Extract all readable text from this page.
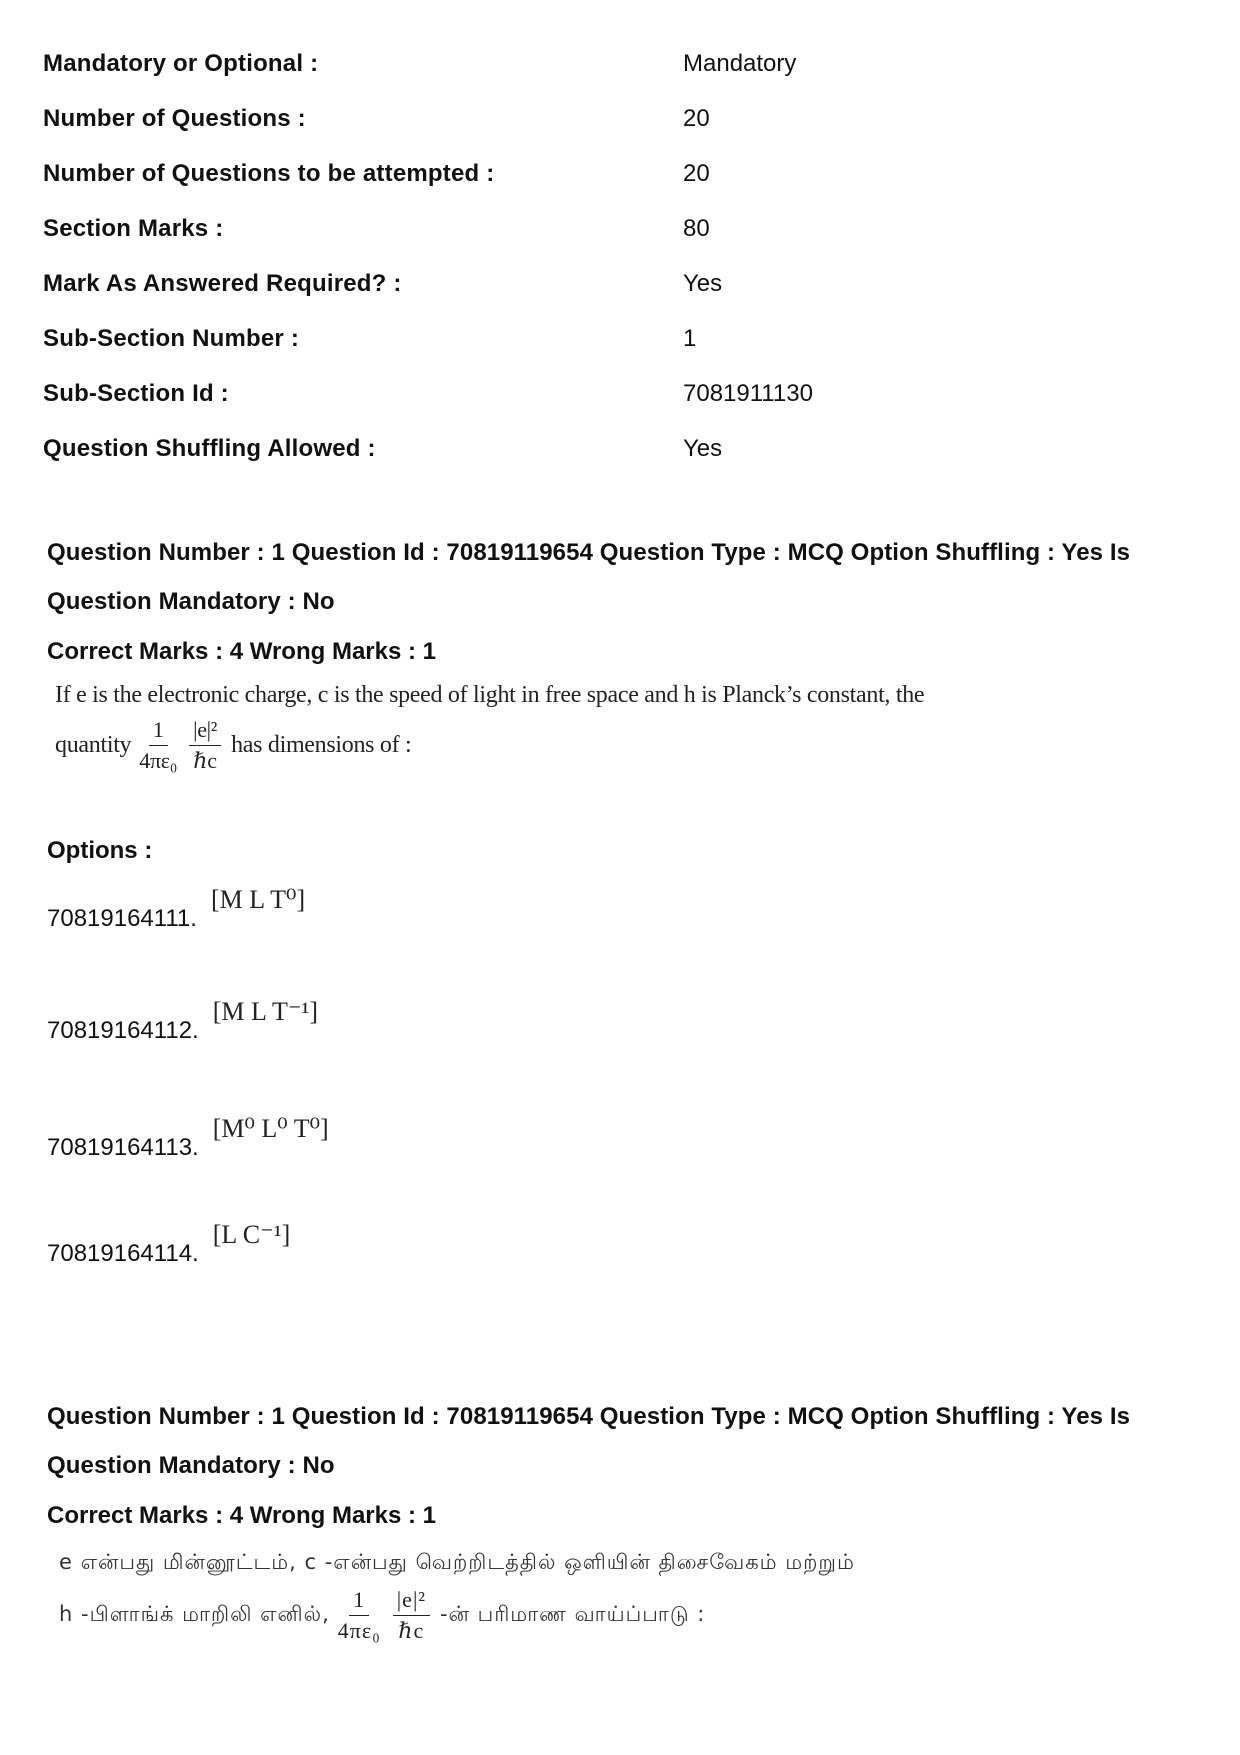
Mandatory or Optional :	Mandatory
Number of Questions :	20
Number of Questions to be attempted :	20
Section Marks :	80
Mark As Answered Required? :	Yes
Sub-Section Number :	1
Sub-Section Id :	7081911130
Question Shuffling Allowed :	Yes
Question Number : 1 Question Id : 70819119654 Question Type : MCQ Option Shuffling : Yes Is
Question Mandatory : No
Correct Marks : 4 Wrong Marks : 1
If e is the electronic charge, c is the speed of light in free space and h is Planck’s constant, the
quantity $\frac{1}{\text{4πε₀}} \frac{\text{|e|²}}{\text{ℏc}}$ has dimensions of :
Options :
70819164111.
[M L T⁰]
70819164112.
[M L T⁻¹]
70819164113.
[M⁰ L⁰ T⁰]
70819164114.
[L C⁻¹]
Question Number : 1 Question Id : 70819119654 Question Type : MCQ Option Shuffling : Yes Is
Question Mandatory : No
Correct Marks : 4 Wrong Marks : 1
e என்பது மின்னூட்டம், c -என்பது வெற்றிடத்தில் ஒளியின் திசைவேகம் மற்றும்
h -பிளாங்க் மாறிலி எனில், $\frac{1}{\text{4πε₀}} \frac{\text{|e|²}}{\text{ℏc}}$ -ன் பரிமாண வாய்ப்பாடு :
